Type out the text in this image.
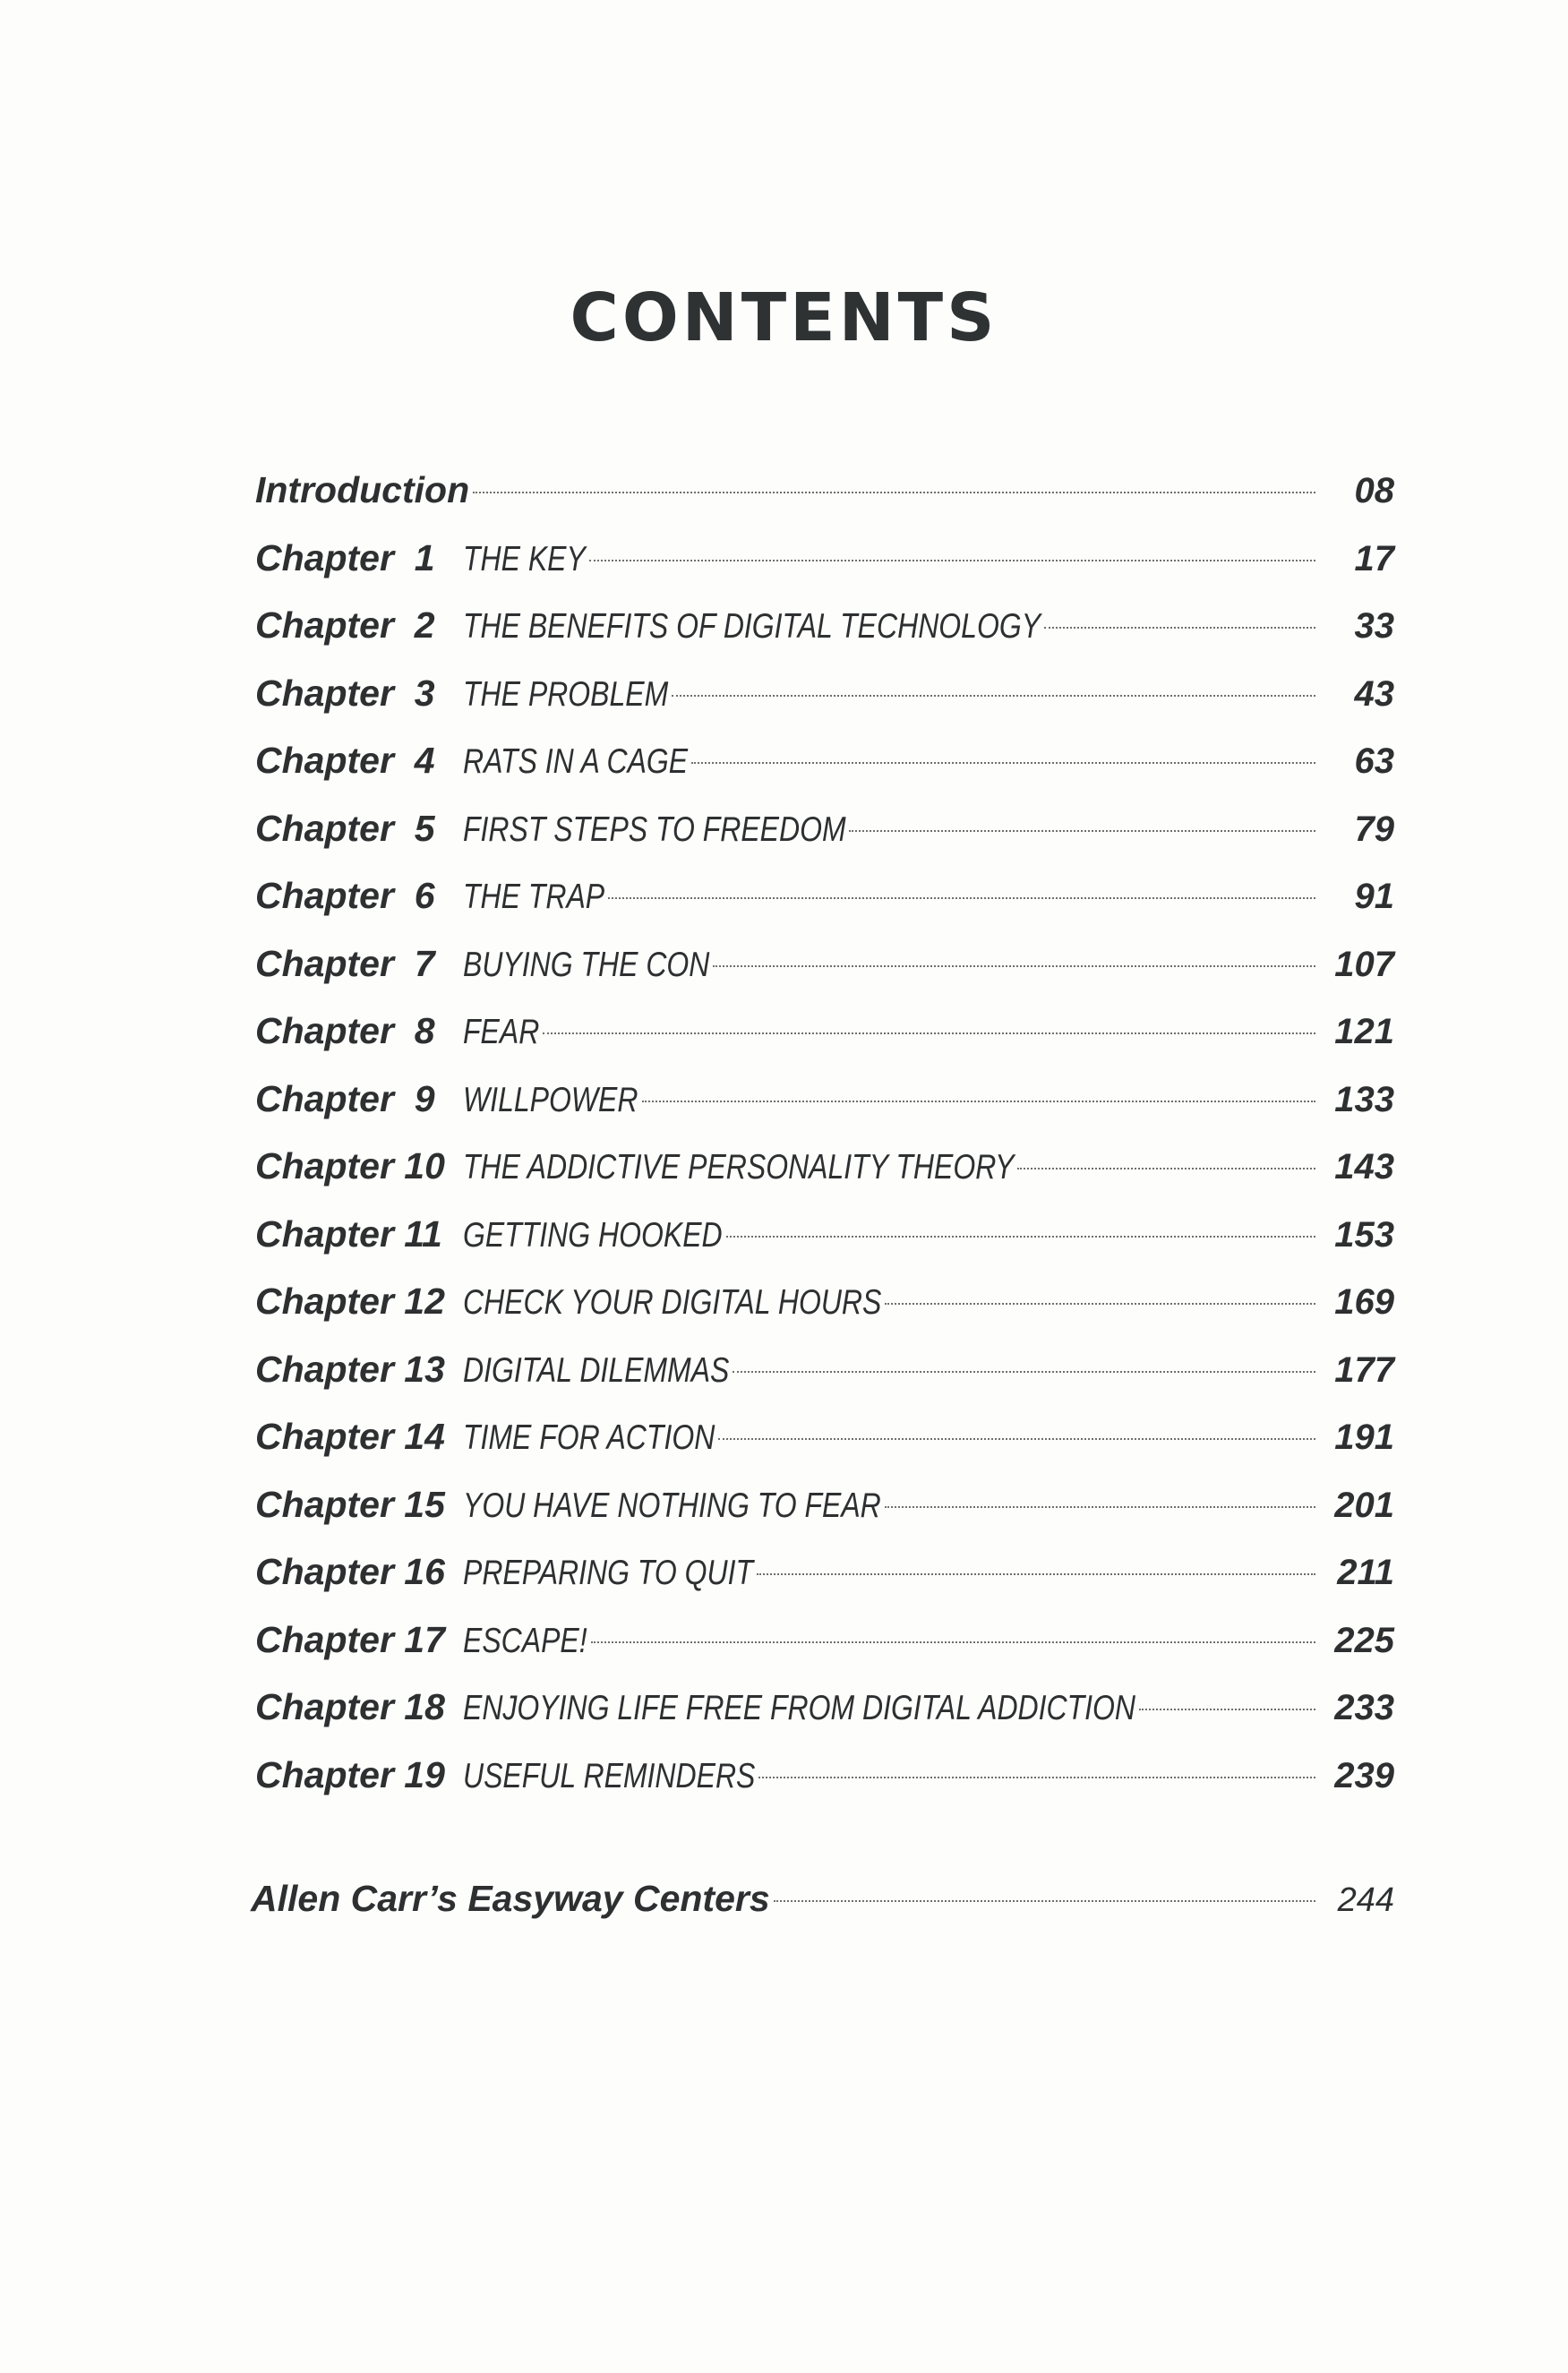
CONTENTS
Introduction	08
Chapter  1 THE KEY	17
Chapter  2 THE BENEFITS OF DIGITAL TECHNOLOGY	33
Chapter  3 THE PROBLEM	43
Chapter  4 RATS IN A CAGE	63
Chapter  5 FIRST STEPS TO FREEDOM	79
Chapter  6 THE TRAP	91
Chapter  7 BUYING THE CON	107
Chapter  8 FEAR	121
Chapter  9 WILLPOWER	133
Chapter 10 THE ADDICTIVE PERSONALITY THEORY	143
Chapter 11 GETTING HOOKED	153
Chapter 12 CHECK YOUR DIGITAL HOURS	169
Chapter 13 DIGITAL DILEMMAS	177
Chapter 14 TIME FOR ACTION	191
Chapter 15 YOU HAVE NOTHING TO FEAR	201
Chapter 16 PREPARING TO QUIT	211
Chapter 17 ESCAPE!	225
Chapter 18 ENJOYING LIFE FREE FROM DIGITAL ADDICTION	233
Chapter 19 USEFUL REMINDERS	239
Allen Carr’s Easyway Centers	244
